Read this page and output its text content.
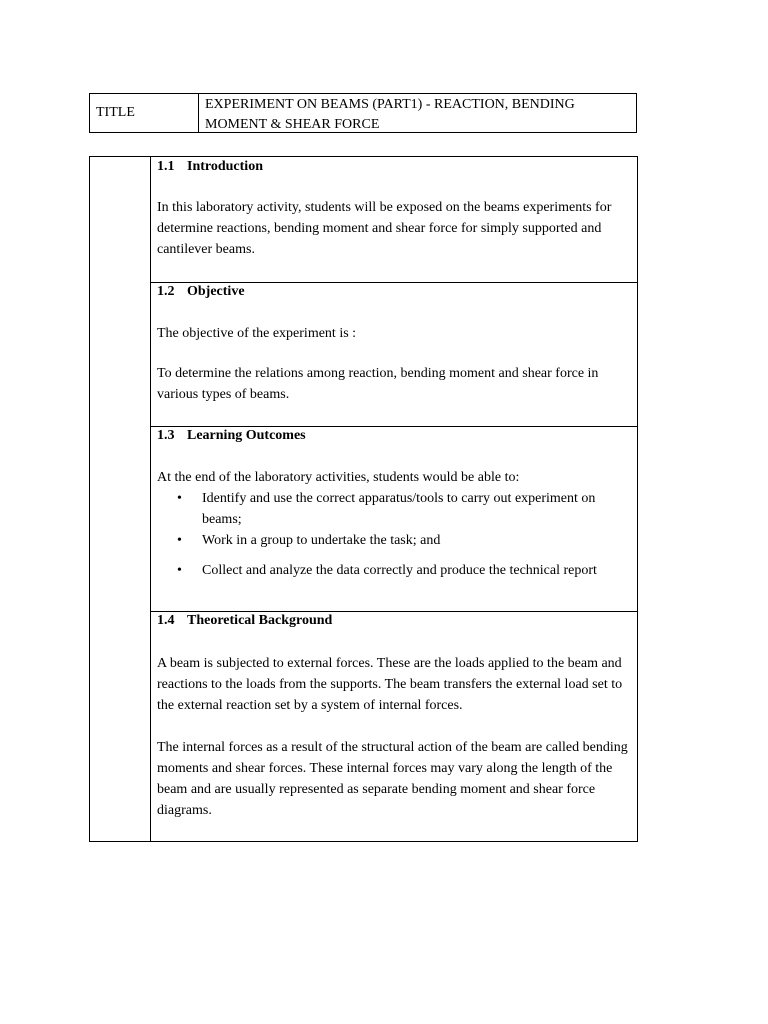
TITLE
EXPERIMENT ON BEAMS (PART1) - REACTION, BENDING
MOMENT & SHEAR FORCE
1.1 Introduction
In this laboratory activity, students will be exposed on the beams experiments for determine reactions, bending moment and shear force for simply supported and cantilever beams.
1.2 Objective
The objective of the experiment is :
To determine the relations among reaction, bending moment and shear force in various types of beams.
1.3 Learning Outcomes
At the end of the laboratory activities, students would be able to:
• Identify and use the correct apparatus/tools to carry out experiment on beams;
• Work in a group to undertake the task; and
• Collect and analyze the data correctly and produce the technical report
1.4 Theoretical Background
A beam is subjected to external forces. These are the loads applied to the beam and reactions to the loads from the supports. The beam transfers the external load set to the external reaction set by a system of internal forces.
The internal forces as a result of the structural action of the beam are called bending moments and shear forces. These internal forces may vary along the length of the beam and are usually represented as separate bending moment and shear force diagrams.
